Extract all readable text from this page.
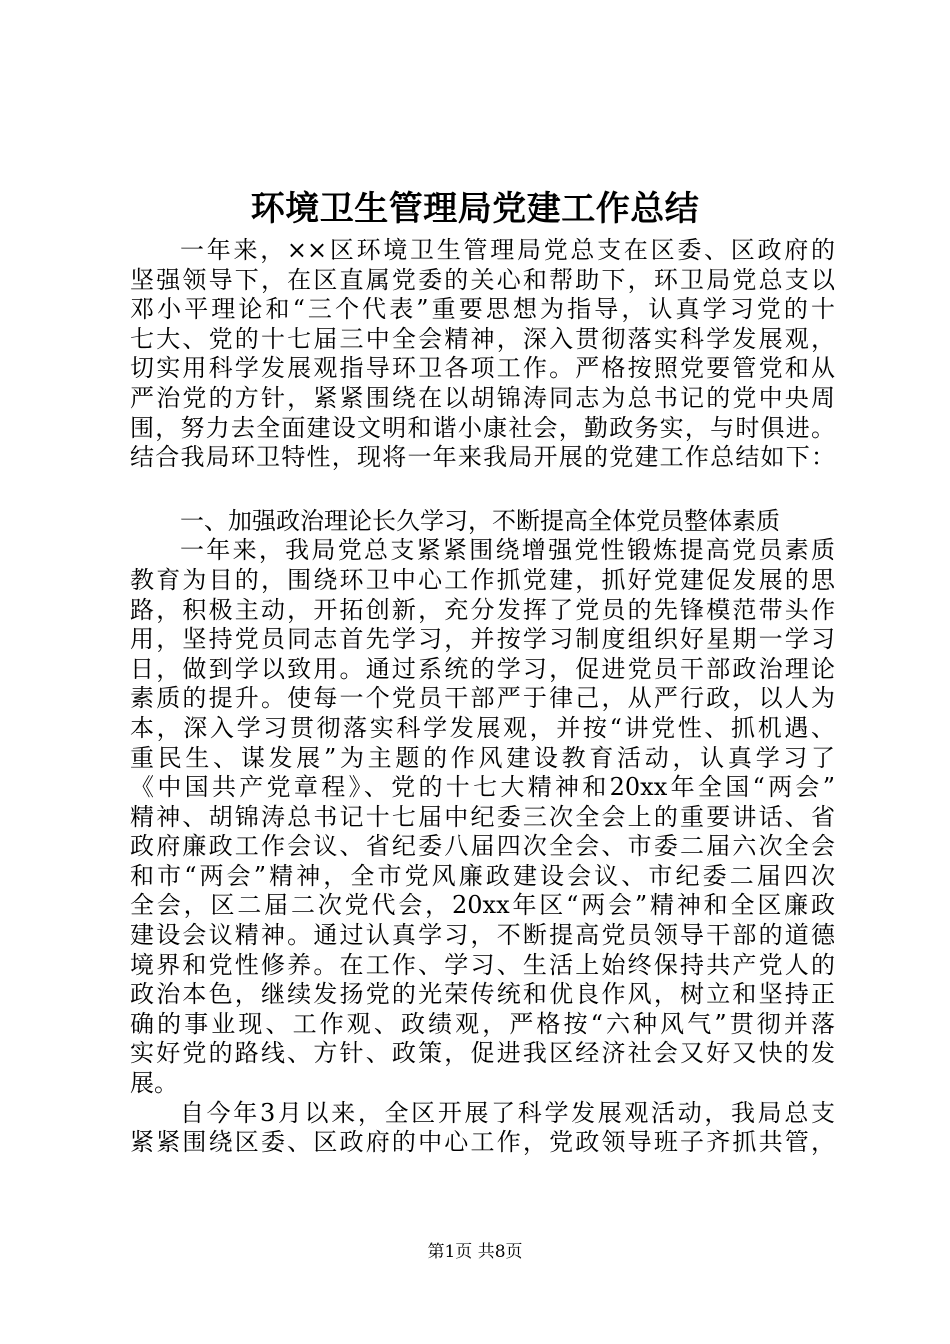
环境卫生管理局党建工作总结
一年来，××区环境卫生管理局党总支在区委、区政府的
坚强领导下，在区直属党委的关心和帮助下，环卫局党总支以
邓小平理论和“三个代表”重要思想为指导，认真学习党的十
七大、党的十七届三中全会精神，深入贯彻落实科学发展观，
切实用科学发展观指导环卫各项工作。严格按照党要管党和从
严治党的方针，紧紧围绕在以胡锦涛同志为总书记的党中央周
围，努力去全面建设文明和谐小康社会，勤政务实，与时俱进。
结合我局环卫特性，现将一年来我局开展的党建工作总结如下：
一、加强政治理论长久学习，不断提高全体党员整体素质
一年来，我局党总支紧紧围绕增强党性锻炼提高党员素质
教育为目的，围绕环卫中心工作抓党建，抓好党建促发展的思
路，积极主动，开拓创新，充分发挥了党员的先锋模范带头作
用，坚持党员同志首先学习，并按学习制度组织好星期一学习
日，做到学以致用。通过系统的学习，促进党员干部政治理论
素质的提升。使每一个党员干部严于律己，从严行政，以人为
本，深入学习贯彻落实科学发展观，并按“讲党性、抓机遇、
重民生、谋发展”为主题的作风建设教育活动，认真学习了
《中国共产党章程》、党的十七大精神和20xx年全国“两会”
精神、胡锦涛总书记十七届中纪委三次全会上的重要讲话、省
政府廉政工作会议、省纪委八届四次全会、市委二届六次全会
和市“两会”精神，全市党风廉政建设会议、市纪委二届四次
全会，区二届二次党代会，20xx年区“两会”精神和全区廉政
建设会议精神。通过认真学习，不断提高党员领导干部的道德
境界和党性修养。在工作、学习、生活上始终保持共产党人的
政治本色，继续发扬党的光荣传统和优良作风，树立和坚持正
确的事业现、工作观、政绩观，严格按“六种风气”贯彻并落
实好党的路线、方针、政策，促进我区经济社会又好又快的发
展。
自今年3月以来，全区开展了科学发展观活动，我局总支
紧紧围绕区委、区政府的中心工作，党政领导班子齐抓共管，
第1页 共8页
